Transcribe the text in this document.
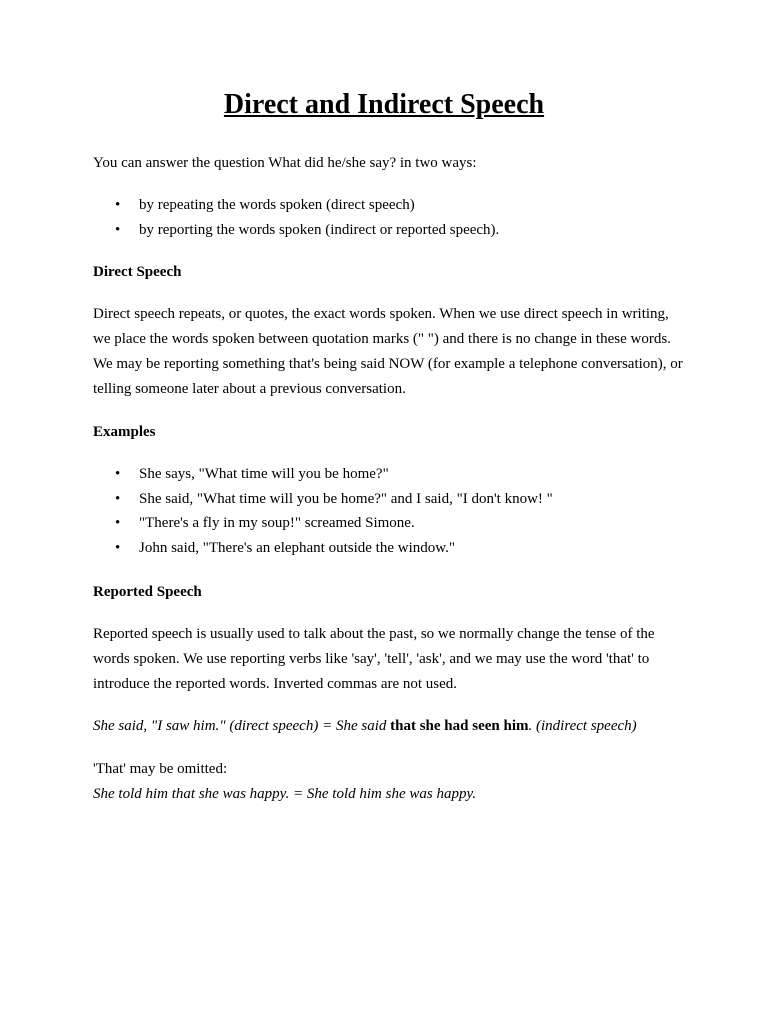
Direct and Indirect Speech

You can answer the question What did he/she say? in two ways:

• by repeating the words spoken (direct speech)
• by reporting the words spoken (indirect or reported speech).

Direct Speech

Direct speech repeats, or quotes, the exact words spoken. When we use direct speech in writing, we place the words spoken between quotation marks (" ") and there is no change in these words. We may be reporting something that's being said NOW (for example a telephone conversation), or telling someone later about a previous conversation.

Examples

• She says, "What time will you be home?"
• She said, "What time will you be home?" and I said, "I don't know! "
• "There's a fly in my soup!" screamed Simone.
• John said, "There's an elephant outside the window."

Reported Speech

Reported speech is usually used to talk about the past, so we normally change the tense of the words spoken. We use reporting verbs like 'say', 'tell', 'ask', and we may use the word 'that' to introduce the reported words. Inverted commas are not used.

She said, "I saw him." (direct speech) = She said that she had seen him. (indirect speech)

'That' may be omitted:

She told him that she was happy. = She told him she was happy.
